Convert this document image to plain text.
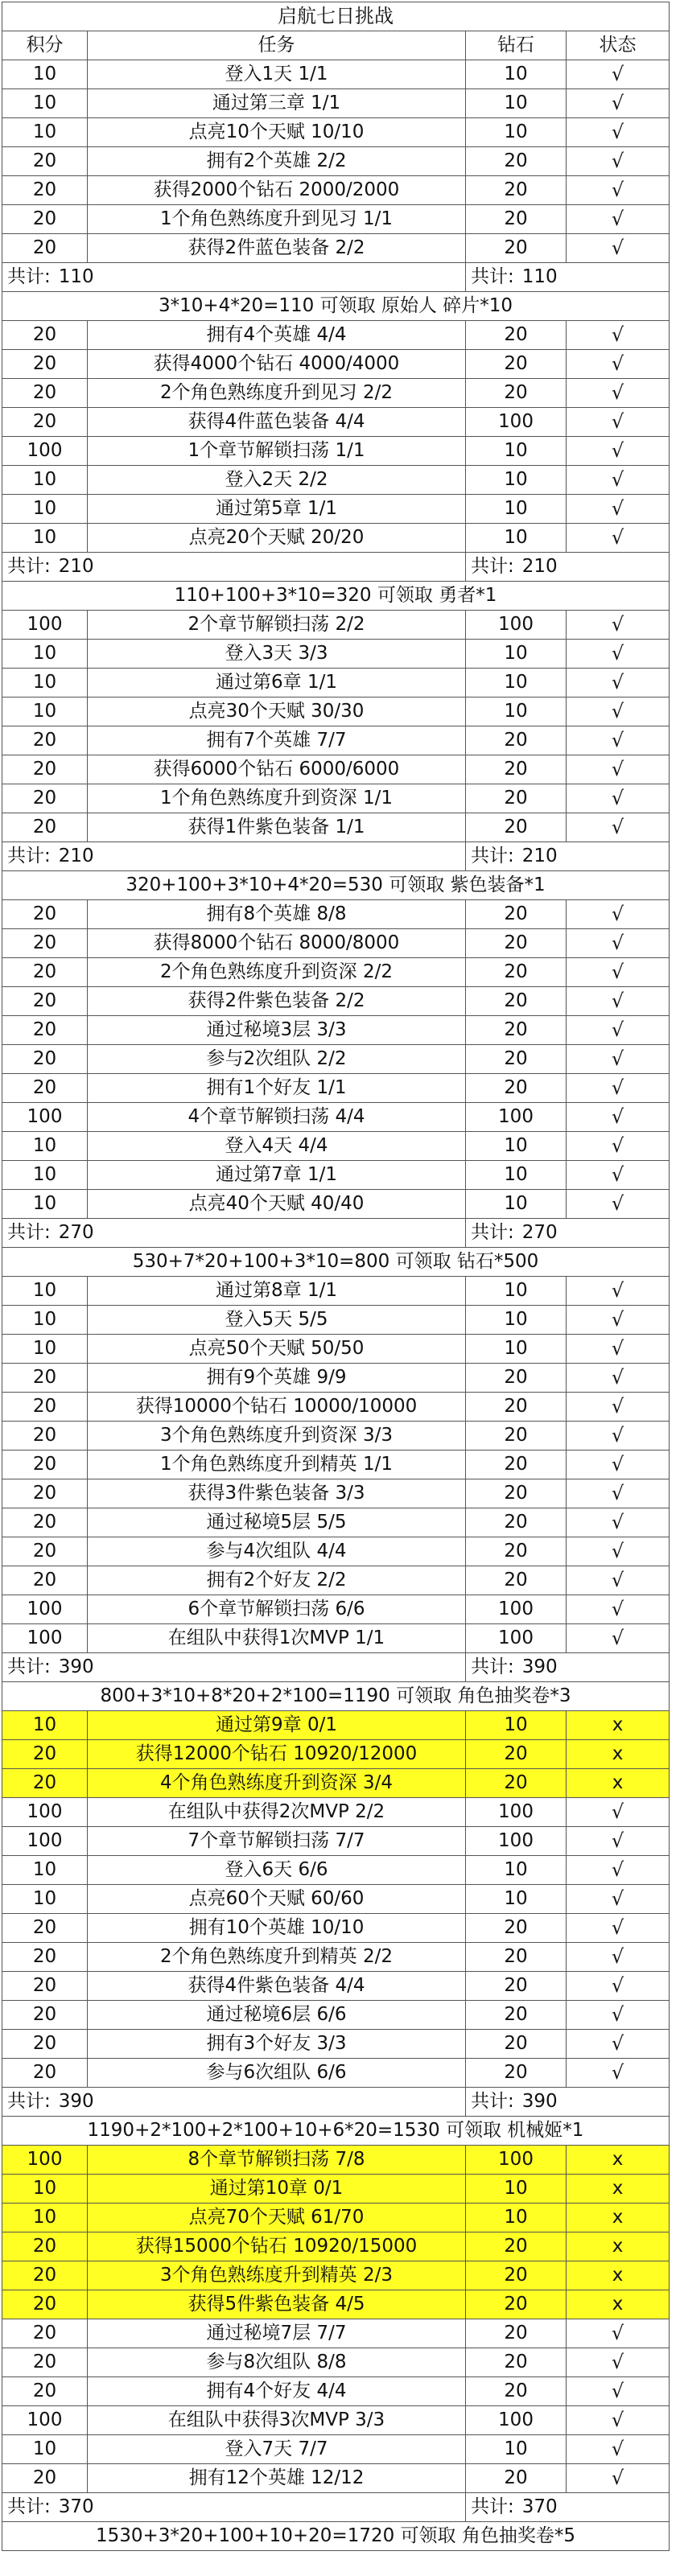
启航七日挑战			
积分	任务	钻石	状态
10	登入1天 1/1	10	√
10	通过第三章 1/1	10	√
10	点亮10个天赋 10/10	10	√
20	拥有2个英雄 2/2	20	√
20	获得2000个钻石 2000/2000	20	√
20	1个角色熟练度升到见习 1/1	20	√
20	获得2件蓝色装备 2/2	20	√
共计: 110		共计: 110	
3*10+4*20=110 可领取 原始人 碎片*10			
20	拥有4个英雄 4/4	20	√
20	获得4000个钻石 4000/4000	20	√
20	2个角色熟练度升到见习 2/2	20	√
20	获得4件蓝色装备 4/4	100	√
100	1个章节解锁扫荡 1/1	10	√
10	登入2天 2/2	10	√
10	通过第5章 1/1	10	√
10	点亮20个天赋 20/20	10	√
共计: 210		共计: 210	
110+100+3*10=320 可领取 勇者*1			
100	2个章节解锁扫荡 2/2	100	√
10	登入3天 3/3	10	√
10	通过第6章 1/1	10	√
10	点亮30个天赋 30/30	10	√
20	拥有7个英雄 7/7	20	√
20	获得6000个钻石 6000/6000	20	√
20	1个角色熟练度升到资深 1/1	20	√
20	获得1件紫色装备 1/1	20	√
共计: 210		共计: 210	
320+100+3*10+4*20=530 可领取 紫色装备*1			
20	拥有8个英雄 8/8	20	√
20	获得8000个钻石 8000/8000	20	√
20	2个角色熟练度升到资深 2/2	20	√
20	获得2件紫色装备 2/2	20	√
20	通过秘境3层 3/3	20	√
20	参与2次组队 2/2	20	√
20	拥有1个好友 1/1	20	√
100	4个章节解锁扫荡 4/4	100	√
10	登入4天 4/4	10	√
10	通过第7章 1/1	10	√
10	点亮40个天赋 40/40	10	√
共计: 270		共计: 270	
530+7*20+100+3*10=800 可领取 钻石*500			
10	通过第8章 1/1	10	√
10	登入5天 5/5	10	√
10	点亮50个天赋 50/50	10	√
20	拥有9个英雄 9/9	20	√
20	获得10000个钻石 10000/10000	20	√
20	3个角色熟练度升到资深 3/3	20	√
20	1个角色熟练度升到精英 1/1	20	√
20	获得3件紫色装备 3/3	20	√
20	通过秘境5层 5/5	20	√
20	参与4次组队 4/4	20	√
20	拥有2个好友 2/2	20	√
100	6个章节解锁扫荡 6/6	100	√
100	在组队中获得1次MVP 1/1	100	√
共计: 390		共计: 390	
800+3*10+8*20+2*100=1190 可领取 角色抽奖卷*3			
10	通过第9章 0/1	10	x
20	获得12000个钻石 10920/12000	20	x
20	4个角色熟练度升到资深 3/4	20	x
100	在组队中获得2次MVP 2/2	100	√
100	7个章节解锁扫荡 7/7	100	√
10	登入6天 6/6	10	√
10	点亮60个天赋 60/60	10	√
20	拥有10个英雄 10/10	20	√
20	2个角色熟练度升到精英 2/2	20	√
20	获得4件紫色装备 4/4	20	√
20	通过秘境6层 6/6	20	√
20	拥有3个好友 3/3	20	√
20	参与6次组队 6/6	20	√
共计: 390		共计: 390	
1190+2*100+2*100+10+6*20=1530 可领取 机械姬*1			
100	8个章节解锁扫荡 7/8	100	x
10	通过第10章 0/1	10	x
10	点亮70个天赋 61/70	10	x
20	获得15000个钻石 10920/15000	20	x
20	3个角色熟练度升到精英 2/3	20	x
20	获得5件紫色装备 4/5	20	x
20	通过秘境7层 7/7	20	√
20	参与8次组队 8/8	20	√
20	拥有4个好友 4/4	20	√
100	在组队中获得3次MVP 3/3	100	√
10	登入7天 7/7	10	√
20	拥有12个英雄 12/12	20	√
共计: 370		共计: 370	
1530+3*20+100+10+20=1720 可领取 角色抽奖卷*5			
